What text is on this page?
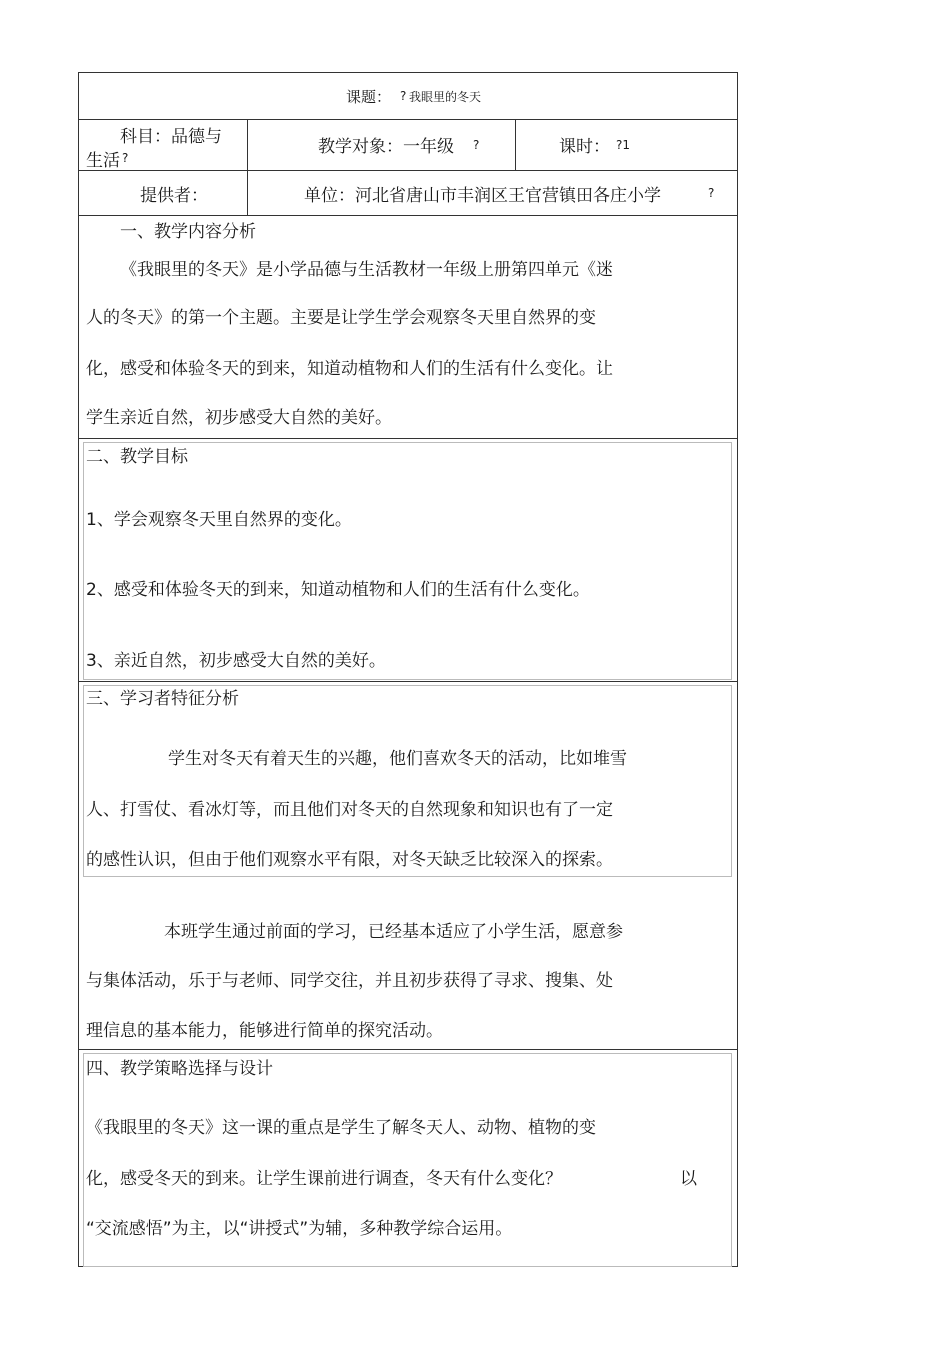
课题： ? 我眼里的冬天
科目：品德与
生活 ?
教学对象：一年级 ?	课时： ?1
提供者：	单位：河北省唐山市丰润区王官营镇田各庄小学	?
一、教学内容分析
《我眼里的冬天》是小学品德与生活教材一年级上册第四单元《迷
人的冬天》的第一个主题。主要是让学生学会观察冬天里自然界的变
化，感受和体验冬天的到来，知道动植物和人们的生活有什么变化。让
学生亲近自然，初步感受大自然的美好。
二、教学目标
1、学会观察冬天里自然界的变化。
2、感受和体验冬天的到来，知道动植物和人们的生活有什么变化。
3、亲近自然，初步感受大自然的美好。
三、学习者特征分析
学生对冬天有着天生的兴趣，他们喜欢冬天的活动，比如堆雪
人、打雪仗、看冰灯等，而且他们对冬天的自然现象和知识也有了一定
的感性认识，但由于他们观察水平有限，对冬天缺乏比较深入的探索。
本班学生通过前面的学习，已经基本适应了小学生活，愿意参
与集体活动，乐于与老师、同学交往，并且初步获得了寻求、搜集、处
理信息的基本能力，能够进行简单的探究活动。
四、教学策略选择与设计
《我眼里的冬天》这一课的重点是学生了解冬天人、动物、植物的变
化，感受冬天的到来。让学生课前进行调查，冬天有什么变化？	以
“交流感悟”为主，以“讲授式”为辅，多种教学综合运用。
